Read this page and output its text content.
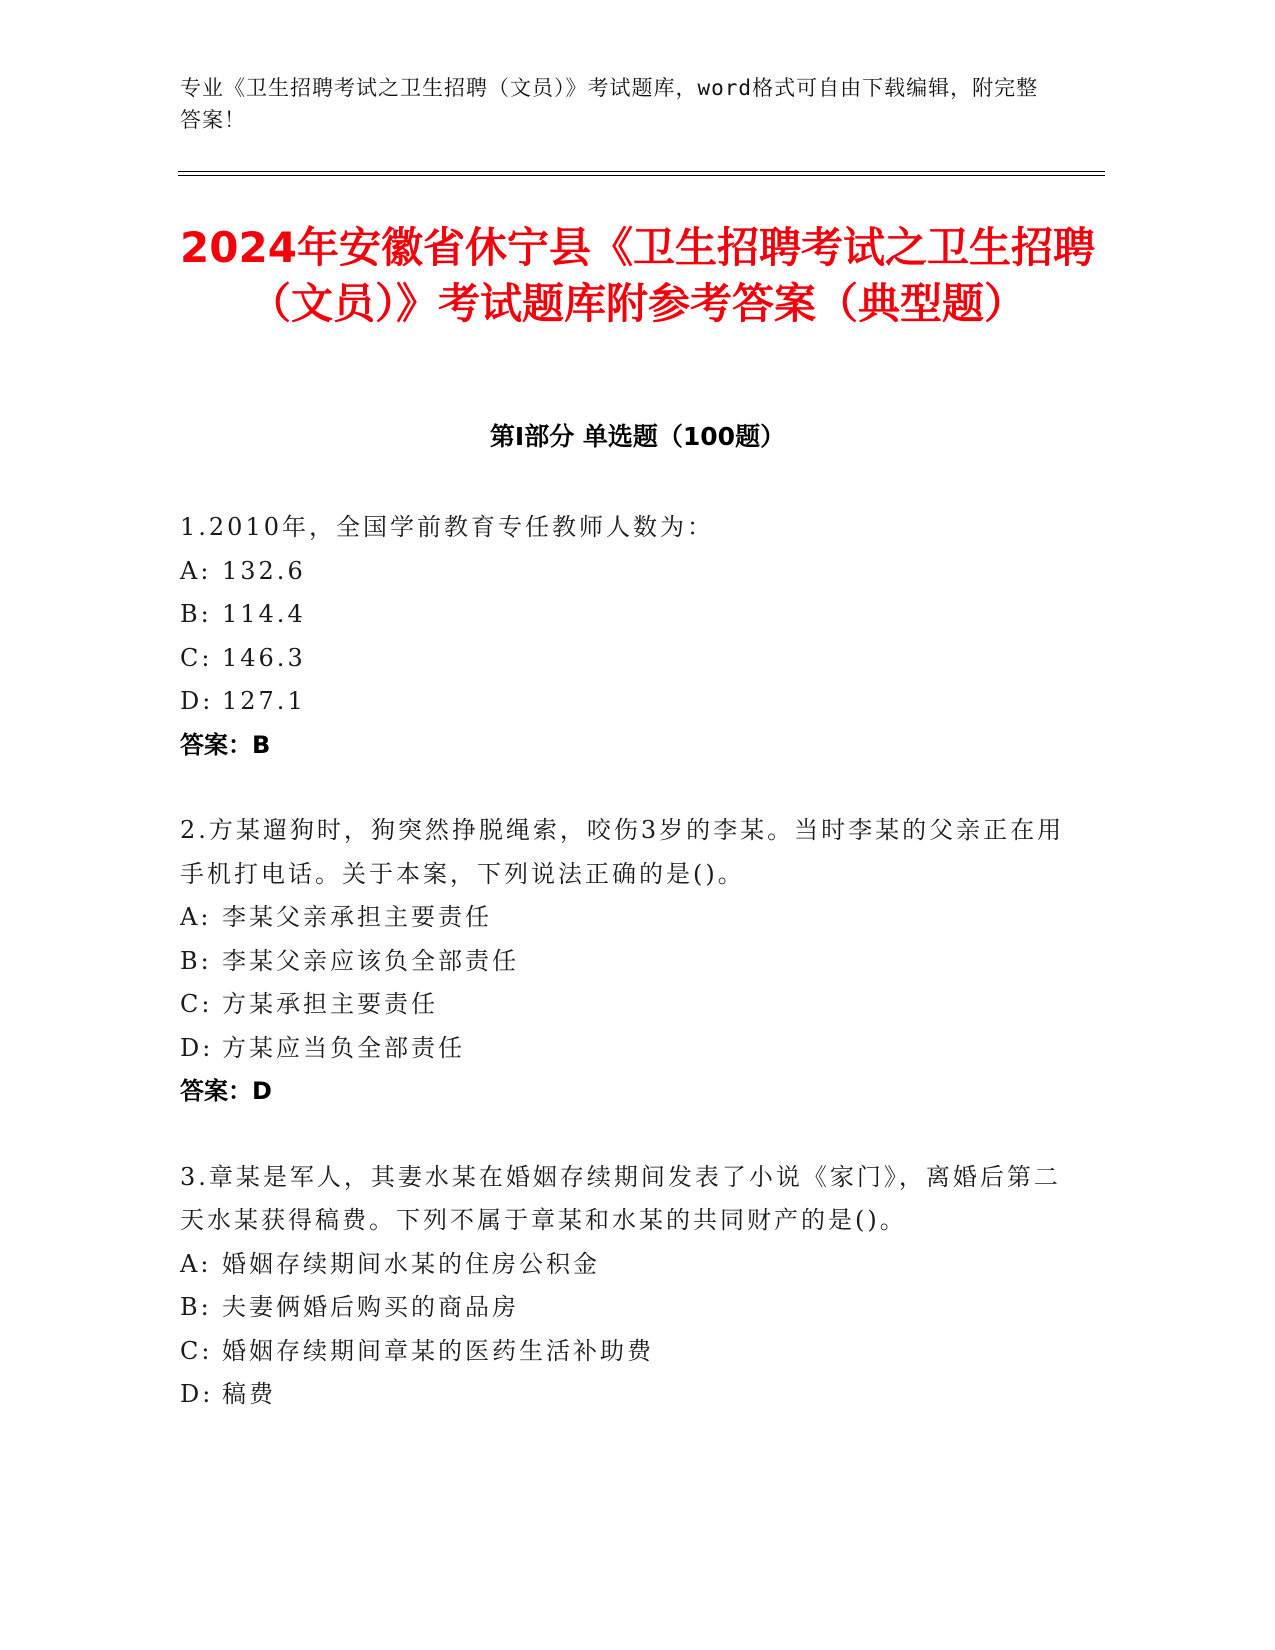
专业《卫生招聘考试之卫生招聘（文员）》考试题库，word格式可自由下载编辑，附完整答案！
2024年安徽省休宁县《卫生招聘考试之卫生招聘（文员）》考试题库附参考答案（典型题）
第Ⅰ部分 单选题（100题）
1.2010年，全国学前教育专任教师人数为：
A: 132.6
B: 114.4
C: 146.3
D: 127.1
答案：B
2.方某遛狗时，狗突然挣脱绳索，咬伤3岁的李某。当时李某的父亲正在用手机打电话。关于本案，下列说法正确的是()。
A: 李某父亲承担主要责任
B: 李某父亲应该负全部责任
C: 方某承担主要责任
D: 方某应当负全部责任
答案：D
3.章某是军人，其妻水某在婚姻存续期间发表了小说《家门》，离婚后第二天水某获得稿费。下列不属于章某和水某的共同财产的是()。
A: 婚姻存续期间水某的住房公积金
B: 夫妻俩婚后购买的商品房
C: 婚姻存续期间章某的医药生活补助费
D: 稿费
